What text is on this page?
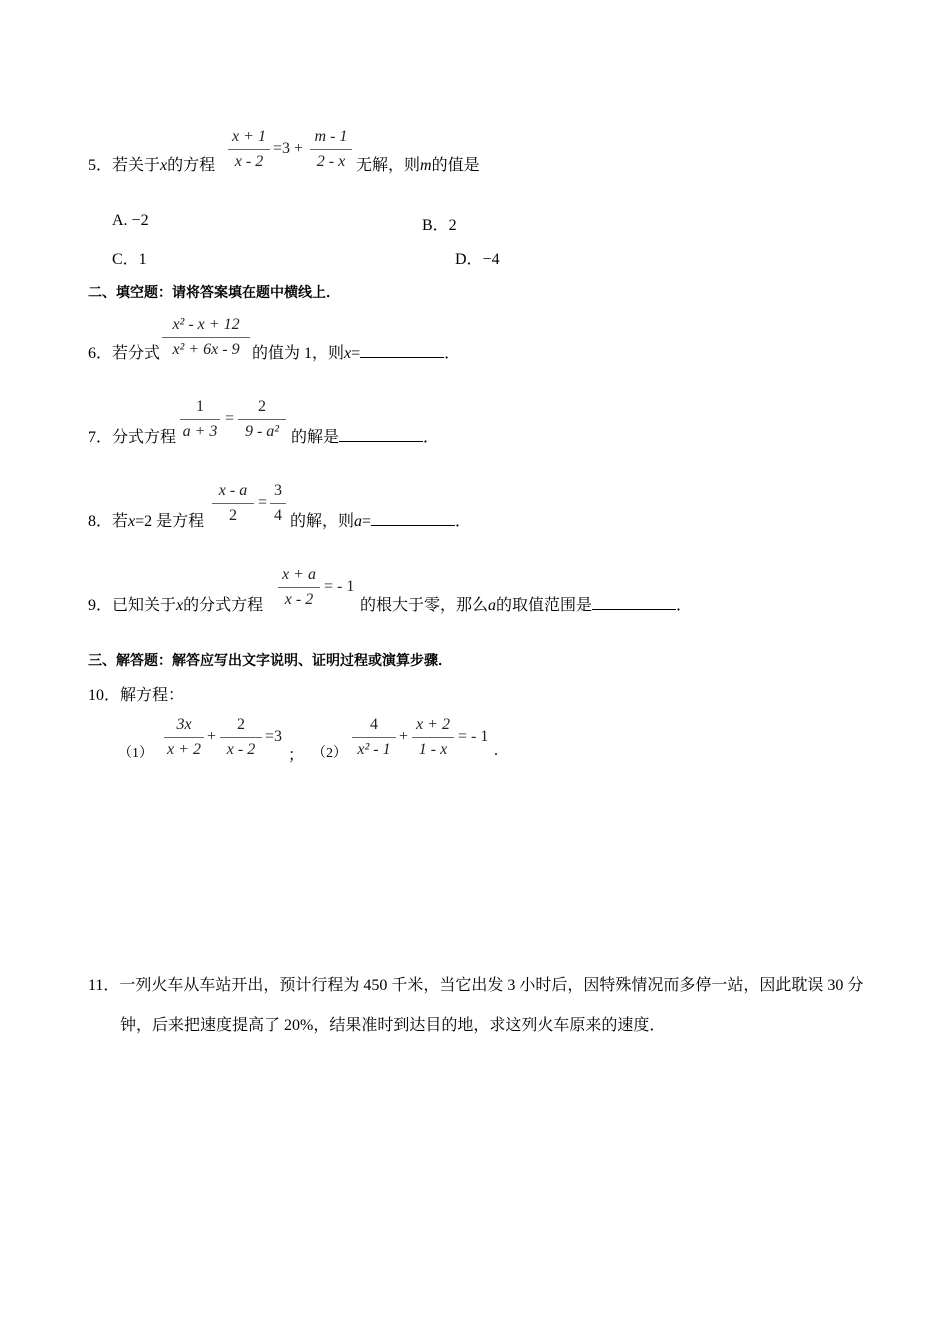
5．若关于x的方程
x + 1
x - 2
=3 +
m - 1
2 - x 无解，则m的值是
A. −2	B．2
C．1	D．−4
二、填空题：请将答案填在题中横线上．
6．若分式
x² - x + 12
x² + 6x - 9 的值为 1，则x=	．
7．分式方程
1
a + 3
=
2
9 - a² 的解是	．
8．若x=2 是方程
x - a
2
=
3
4 的解，则a=	．
9．已知关于x的分式方程
x + a
x - 2
= - 1
的根大于零，那么a的取值范围是	．
三、解答题：解答应写出文字说明、证明过程或演算步骤．
10．解方程：
（1）
3x
x + 2
+
2
x - 2
=3
； （2）
4
x² - 1
+
x + 2
1 - x
= - 1
.
11．一列火车从车站开出，预计行程为 450 千米，当它出发 3 小时后，因特殊情况而多停一站，因此耽误 30 分
钟，后来把速度提高了 20%，结果准时到达目的地，求这列火车原来的速度．
